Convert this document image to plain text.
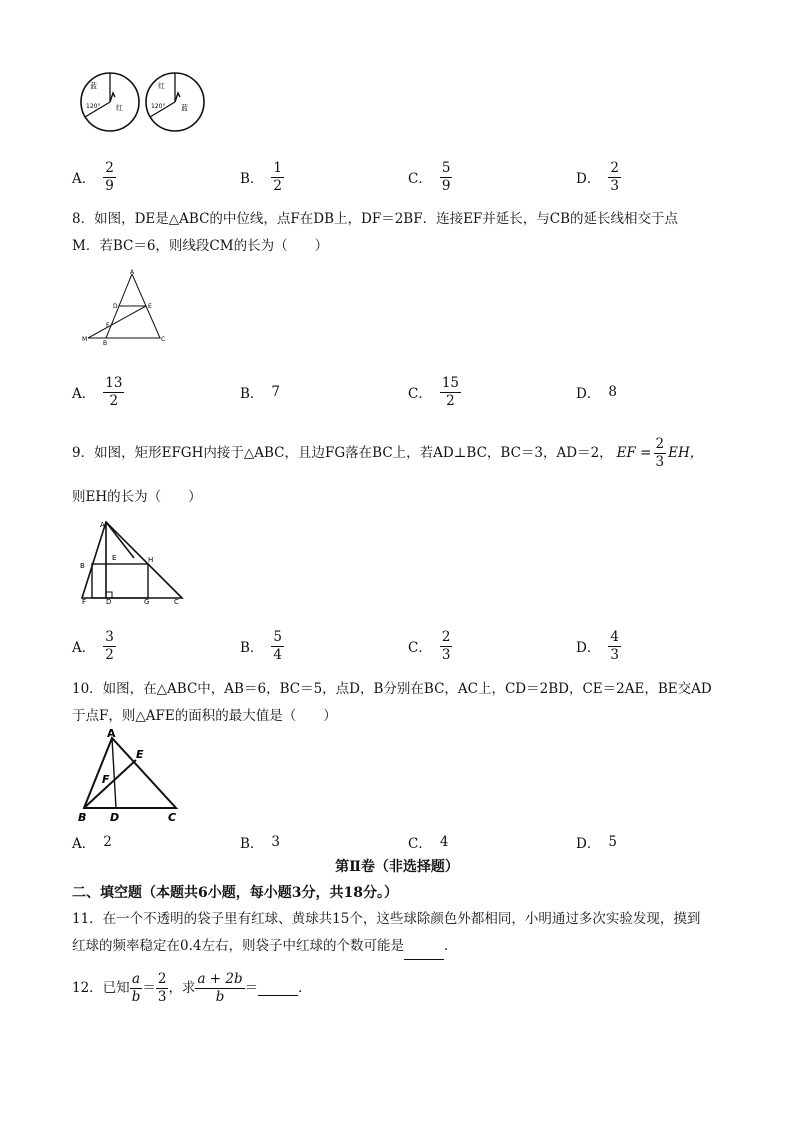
蓝
120° 红
红
120° 蓝
A． $\frac{2}{9}$	B． $\frac{1}{2}$	C． $\frac{5}{9}$	D． $\frac{2}{3}$
8．如图，DE是△ABC的中位线，点F在DB上，DF＝2BF．连接EF并延长，与CB的延长线相交于点
M．若BC＝6，则线段CM的长为（　　）
A
D	E
F
M
B
C
A． $\frac{13}{2}$	B． 7	C． $\frac{15}{2}$	D． 8
9．如图，矩形EFGH内接于△ABC，且边FG落在BC上，若AD⊥BC，BC＝3，AD＝2， EF = $\frac{2}{3}$ EH，
则EH的长为（　　）
A
E	H
B
F	D	G	C
A． $\frac{3}{2}$	B． $\frac{5}{4}$	C． $\frac{2}{3}$	D． $\frac{4}{3}$
10．如图，在△ABC中，AB＝6，BC＝5，点D，B分别在BC，AC上，CD＝2BD，CE＝2AE，BE交AD
于点F，则△AFE的面积的最大值是（　　）
A
E
F
B D	C
A． 2	B． 3	C． 4	D． 5
第Ⅱ卷（非选择题）
二、填空题（本题共6小题，每小题3分，共18分。）
11．在一个不透明的袋子里有红球、黄球共15个，这些球除颜色外都相同，小明通过多次实验发现，摸到
红球的频率稳定在0.4左右，则袋子中红球的个数可能是	．
12．已知 $\frac{a}{b} = \frac{2}{3}$ ，求 $\frac{a + 2b}{b}$ ＝	．
